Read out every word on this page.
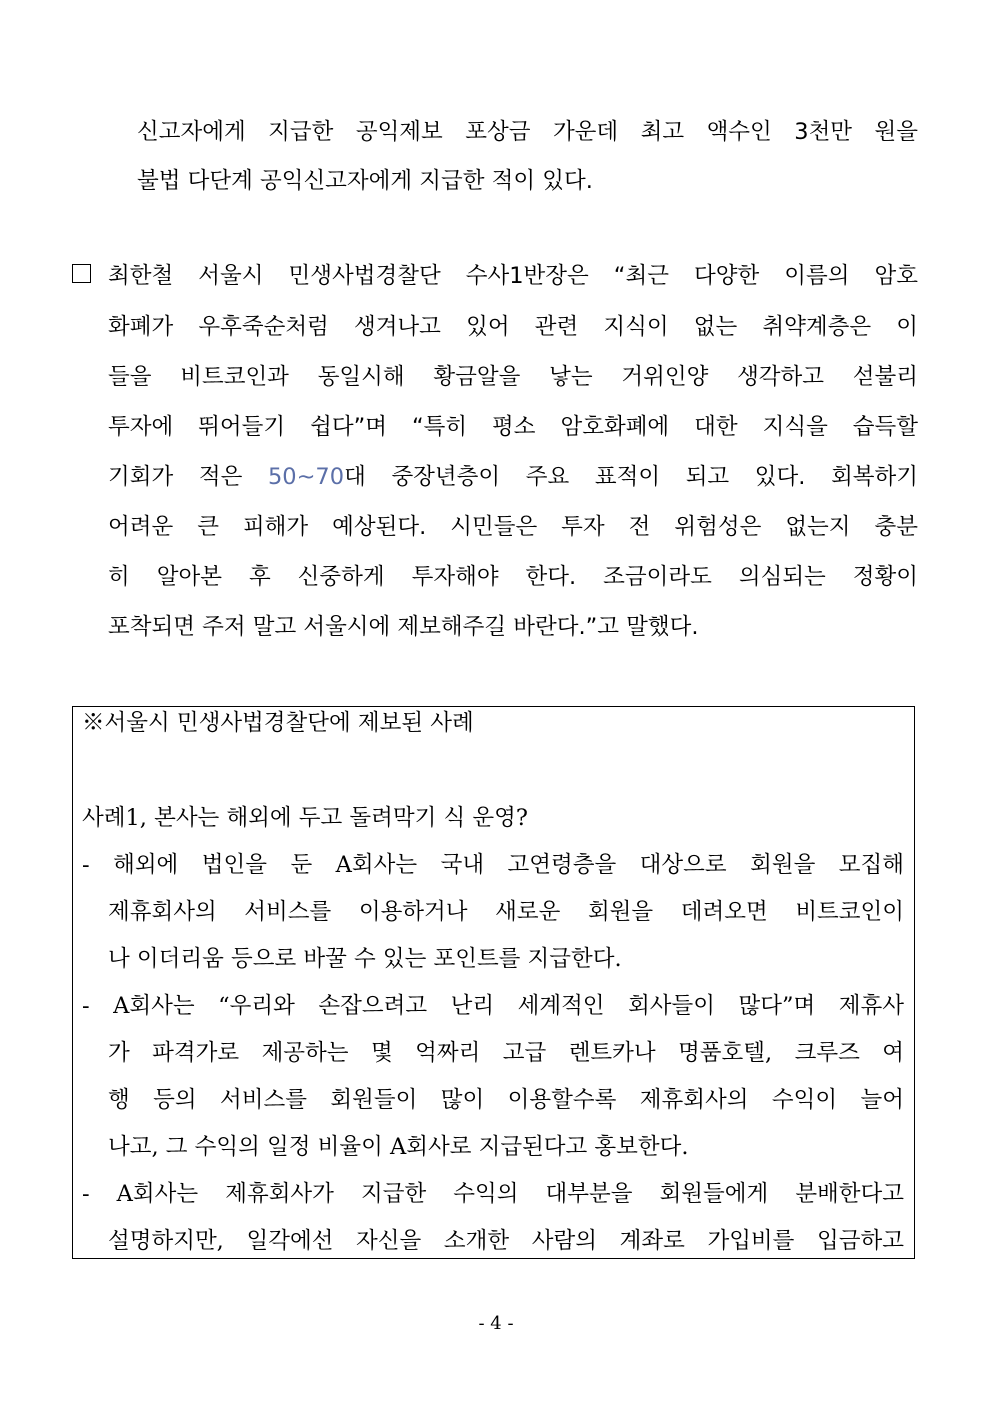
신고자에게 지급한 공익제보 포상금 가운데 최고 액수인 3천만 원을
불법 다단계 공익신고자에게 지급한 적이 있다.
최한철 서울시 민생사법경찰단 수사1반장은 “최근 다양한 이름의 암호
화폐가 우후죽순처럼 생겨나고 있어 관련 지식이 없는 취약계층은 이
들을 비트코인과 동일시해 황금알을 낳는 거위인양 생각하고 섣불리
투자에 뛰어들기 쉽다”며 “특히 평소 암호화폐에 대한 지식을 습득할
기회가 적은 50~70대 중장년층이 주요 표적이 되고 있다. 회복하기
어려운 큰 피해가 예상된다. 시민들은 투자 전 위험성은 없는지 충분
히 알아본 후 신중하게 투자해야 한다. 조금이라도 의심되는 정황이
포착되면 주저 말고 서울시에 제보해주길 바란다.”고 말했다.
※서울시 민생사법경찰단에 제보된 사례
사례1, 본사는 해외에 두고 돌려막기 식 운영?
- 해외에 법인을 둔 A회사는 국내 고연령층을 대상으로 회원을 모집해
제휴회사의 서비스를 이용하거나 새로운 회원을 데려오면 비트코인이
나 이더리움 등으로 바꿀 수 있는 포인트를 지급한다.
- A회사는 “우리와 손잡으려고 난리 세계적인 회사들이 많다”며 제휴사
가 파격가로 제공하는 몇 억짜리 고급 렌트카나 명품호텔, 크루즈 여
행 등의 서비스를 회원들이 많이 이용할수록 제휴회사의 수익이 늘어
나고, 그 수익의 일정 비율이 A회사로 지급된다고 홍보한다.
- A회사는 제휴회사가 지급한 수익의 대부분을 회원들에게 분배한다고
설명하지만, 일각에선 자신을 소개한 사람의 계좌로 가입비를 입금하고
- 4 -
